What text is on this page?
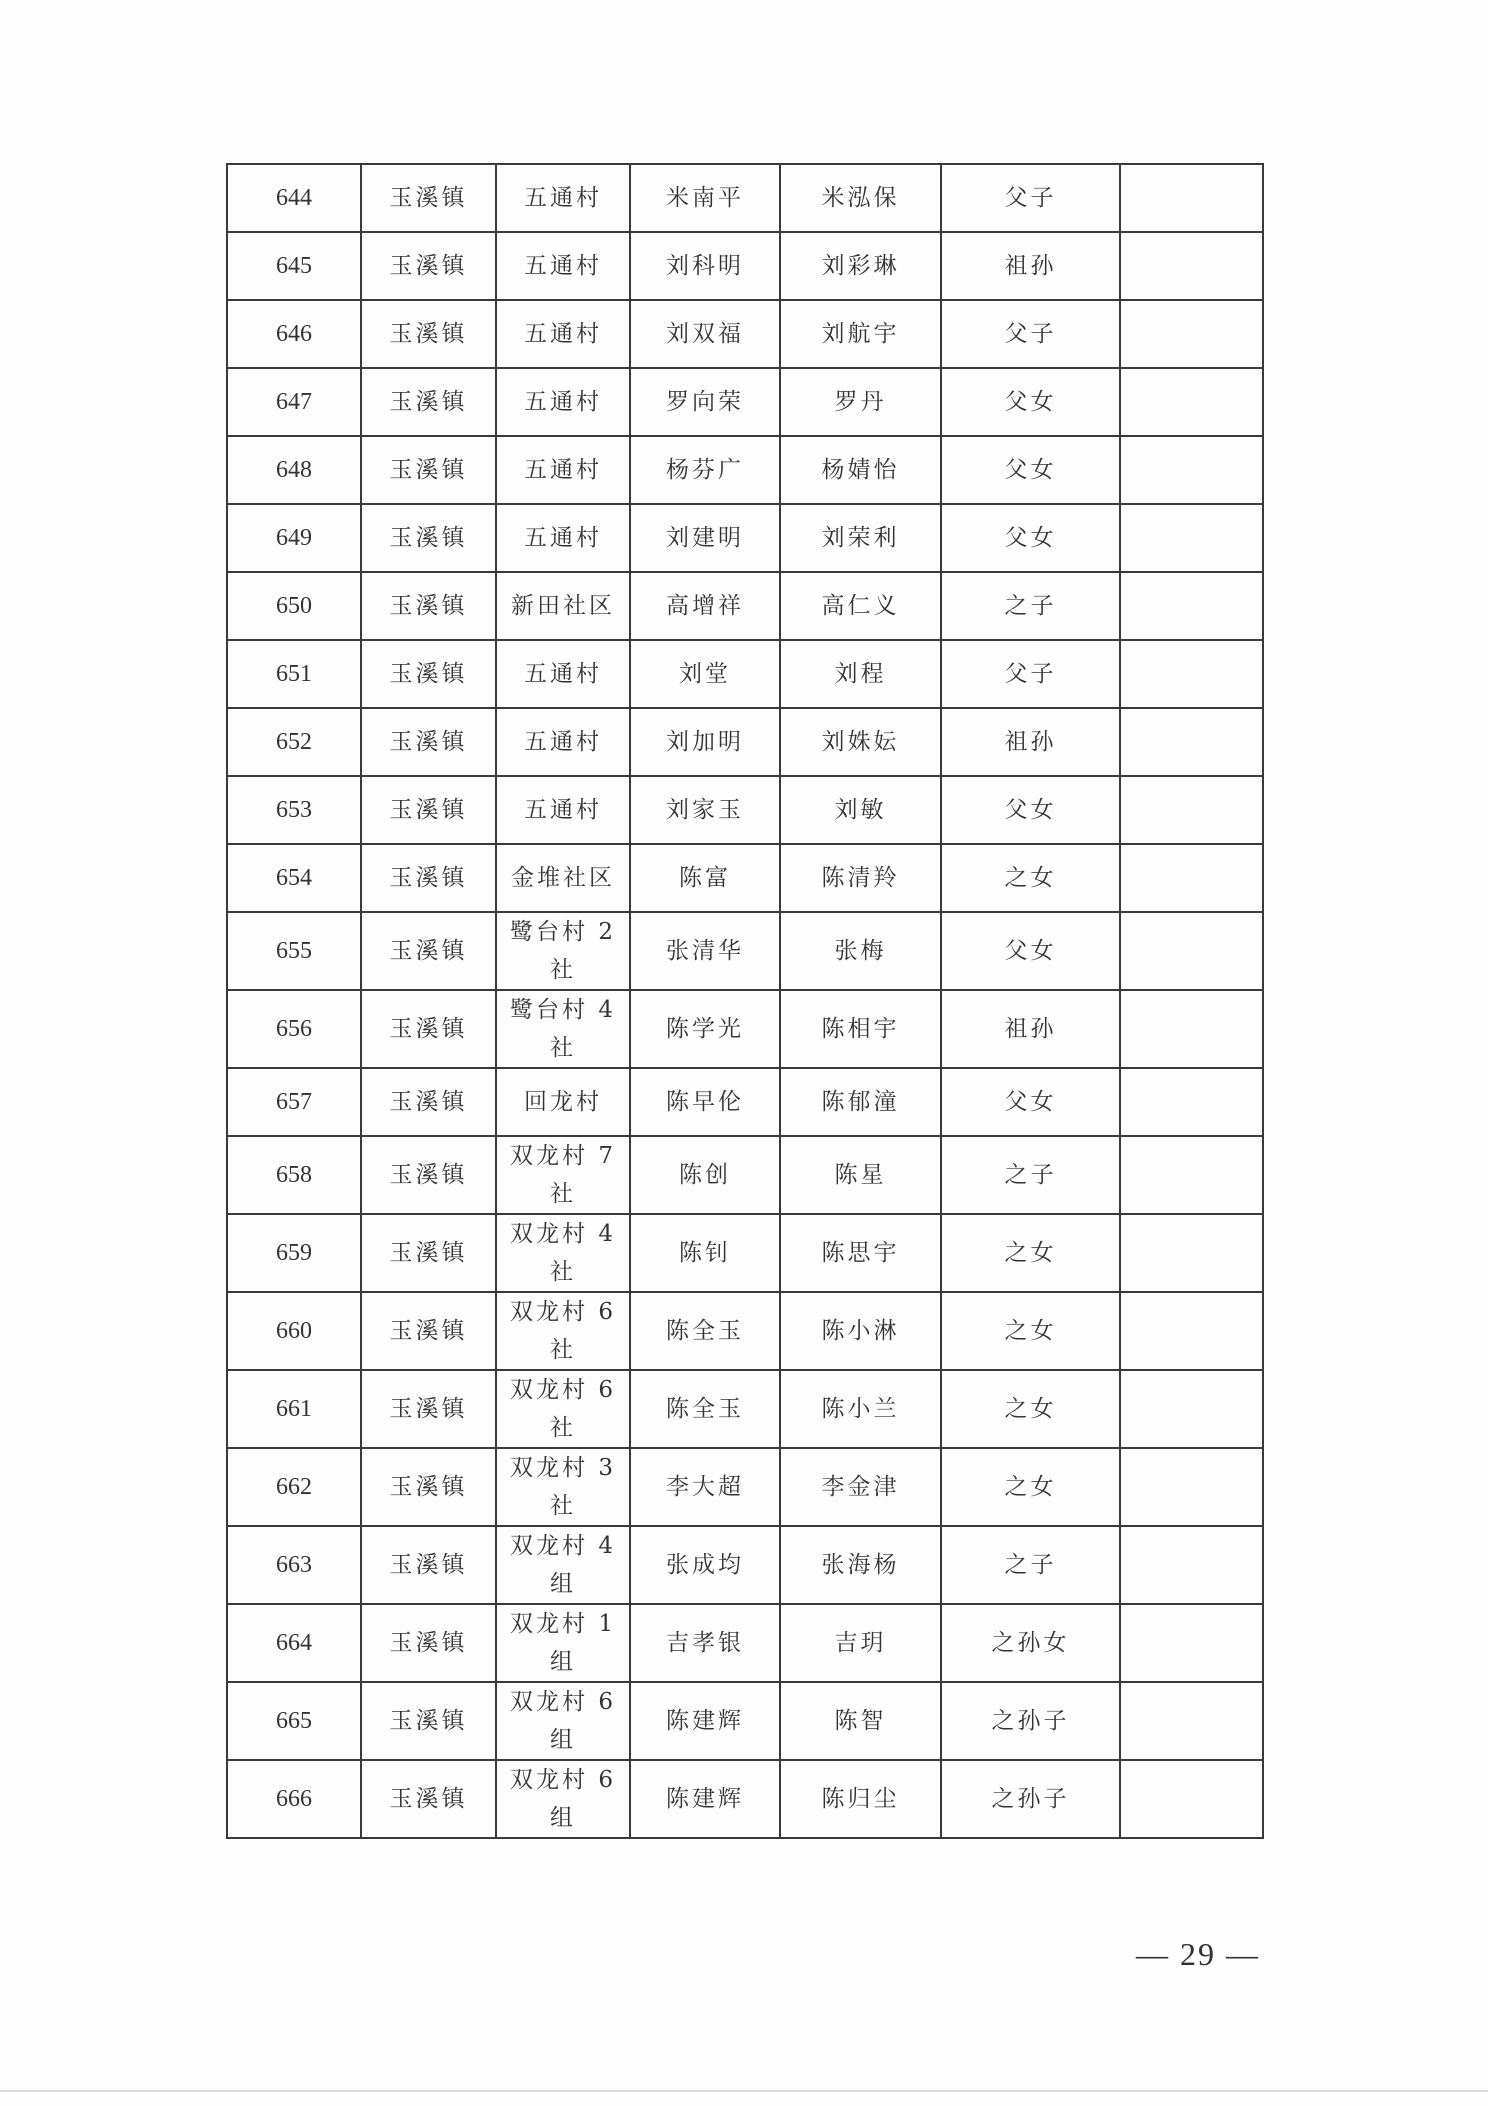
644	玉溪镇	五通村	米南平	米泓保	父子	
645	玉溪镇	五通村	刘科明	刘彩琳	祖孙	
646	玉溪镇	五通村	刘双福	刘航宇	父子	
647	玉溪镇	五通村	罗向荣	罗丹	父女	
648	玉溪镇	五通村	杨芬广	杨婧怡	父女	
649	玉溪镇	五通村	刘建明	刘荣利	父女	
650	玉溪镇	新田社区	高增祥	高仁义	之子	
651	玉溪镇	五通村	刘堂	刘程	父子	
652	玉溪镇	五通村	刘加明	刘姝妘	祖孙	
653	玉溪镇	五通村	刘家玉	刘敏	父女	
654	玉溪镇	金堆社区	陈富	陈清羚	之女	
655	玉溪镇	鹭台村 2 社	张清华	张梅	父女	
656	玉溪镇	鹭台村 4 社	陈学光	陈相宇	祖孙	
657	玉溪镇	回龙村	陈早伦	陈郁潼	父女	
658	玉溪镇	双龙村 7 社	陈创	陈星	之子	
659	玉溪镇	双龙村 4 社	陈钊	陈思宇	之女	
660	玉溪镇	双龙村 6 社	陈全玉	陈小淋	之女	
661	玉溪镇	双龙村 6 社	陈全玉	陈小兰	之女	
662	玉溪镇	双龙村 3 社	李大超	李金津	之女	
663	玉溪镇	双龙村 4 组	张成均	张海杨	之子	
664	玉溪镇	双龙村 1 组	吉孝银	吉玥	之孙女	
665	玉溪镇	双龙村 6 组	陈建辉	陈智	之孙子	
666	玉溪镇	双龙村 6 组	陈建辉	陈归尘	之孙子	
— 29 —
